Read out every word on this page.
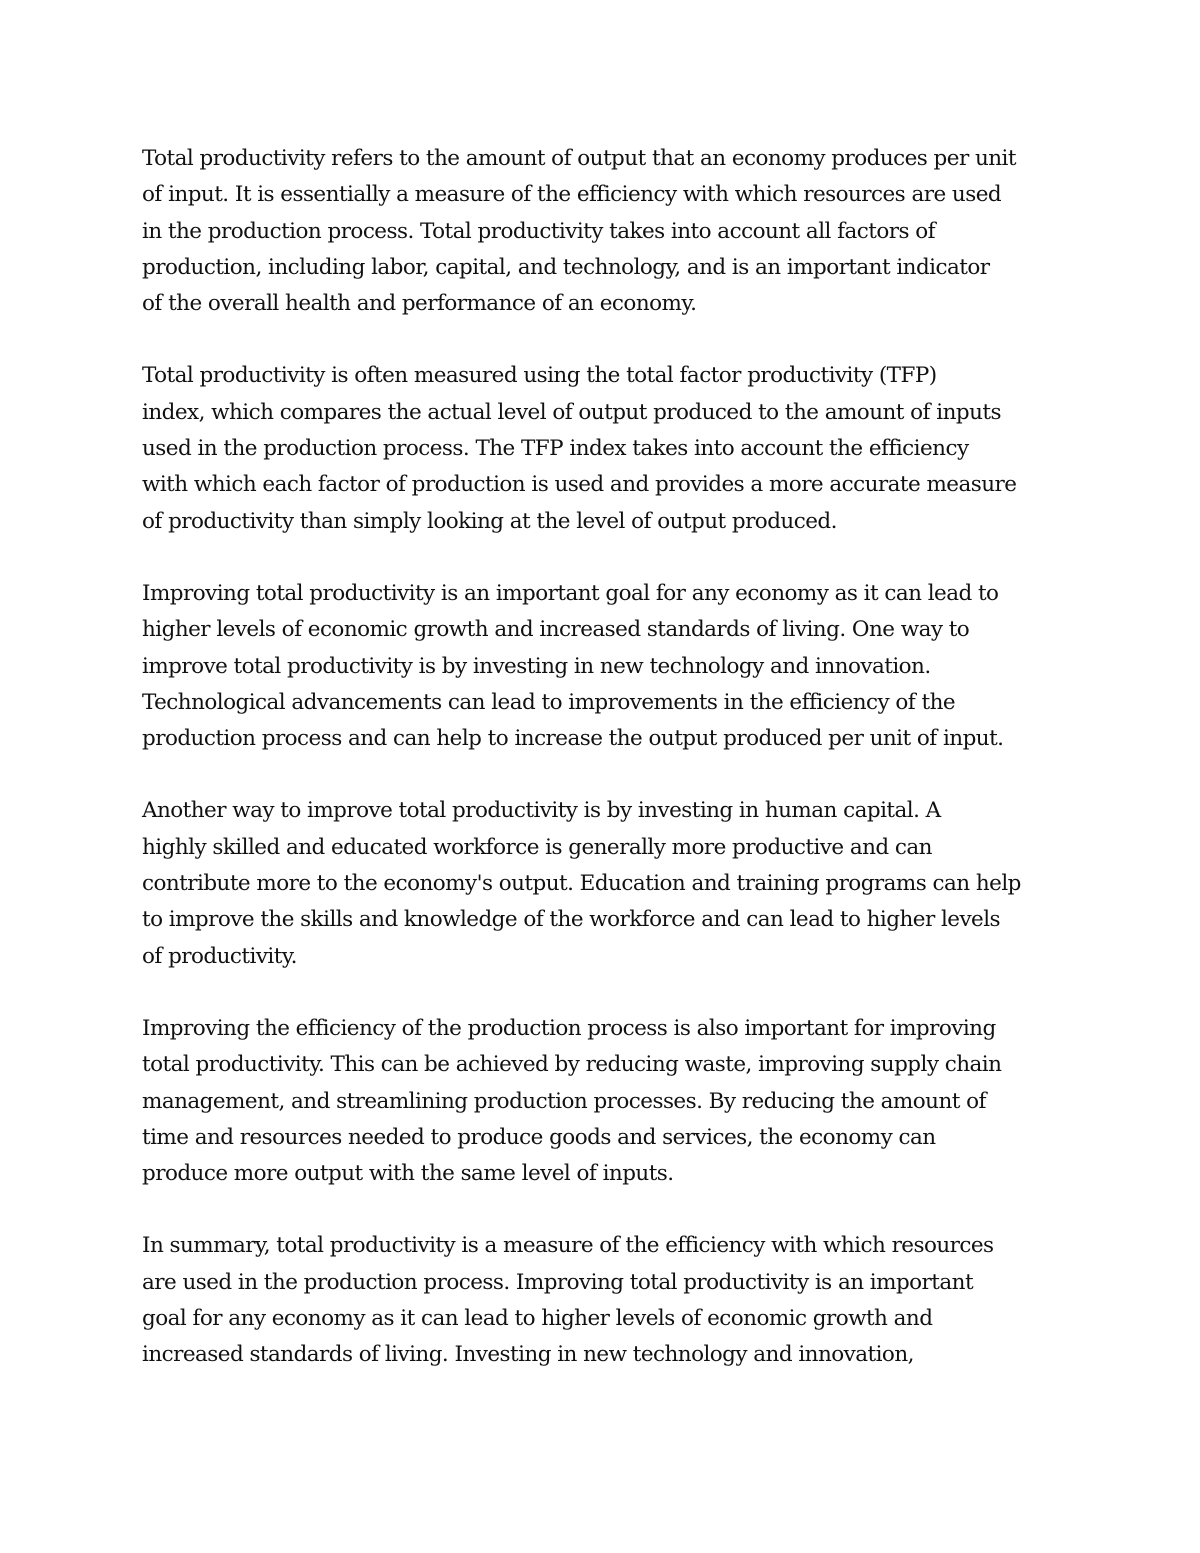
Total productivity refers to the amount of output that an economy produces per unit
of input. It is essentially a measure of the efficiency with which resources are used
in the production process. Total productivity takes into account all factors of
production, including labor, capital, and technology, and is an important indicator
of the overall health and performance of an economy.

Total productivity is often measured using the total factor productivity (TFP)
index, which compares the actual level of output produced to the amount of inputs
used in the production process. The TFP index takes into account the efficiency
with which each factor of production is used and provides a more accurate measure
of productivity than simply looking at the level of output produced.

Improving total productivity is an important goal for any economy as it can lead to
higher levels of economic growth and increased standards of living. One way to
improve total productivity is by investing in new technology and innovation.
Technological advancements can lead to improvements in the efficiency of the
production process and can help to increase the output produced per unit of input.

Another way to improve total productivity is by investing in human capital. A
highly skilled and educated workforce is generally more productive and can
contribute more to the economy's output. Education and training programs can help
to improve the skills and knowledge of the workforce and can lead to higher levels
of productivity.

Improving the efficiency of the production process is also important for improving
total productivity. This can be achieved by reducing waste, improving supply chain
management, and streamlining production processes. By reducing the amount of
time and resources needed to produce goods and services, the economy can
produce more output with the same level of inputs.

In summary, total productivity is a measure of the efficiency with which resources
are used in the production process. Improving total productivity is an important
goal for any economy as it can lead to higher levels of economic growth and
increased standards of living. Investing in new technology and innovation,
